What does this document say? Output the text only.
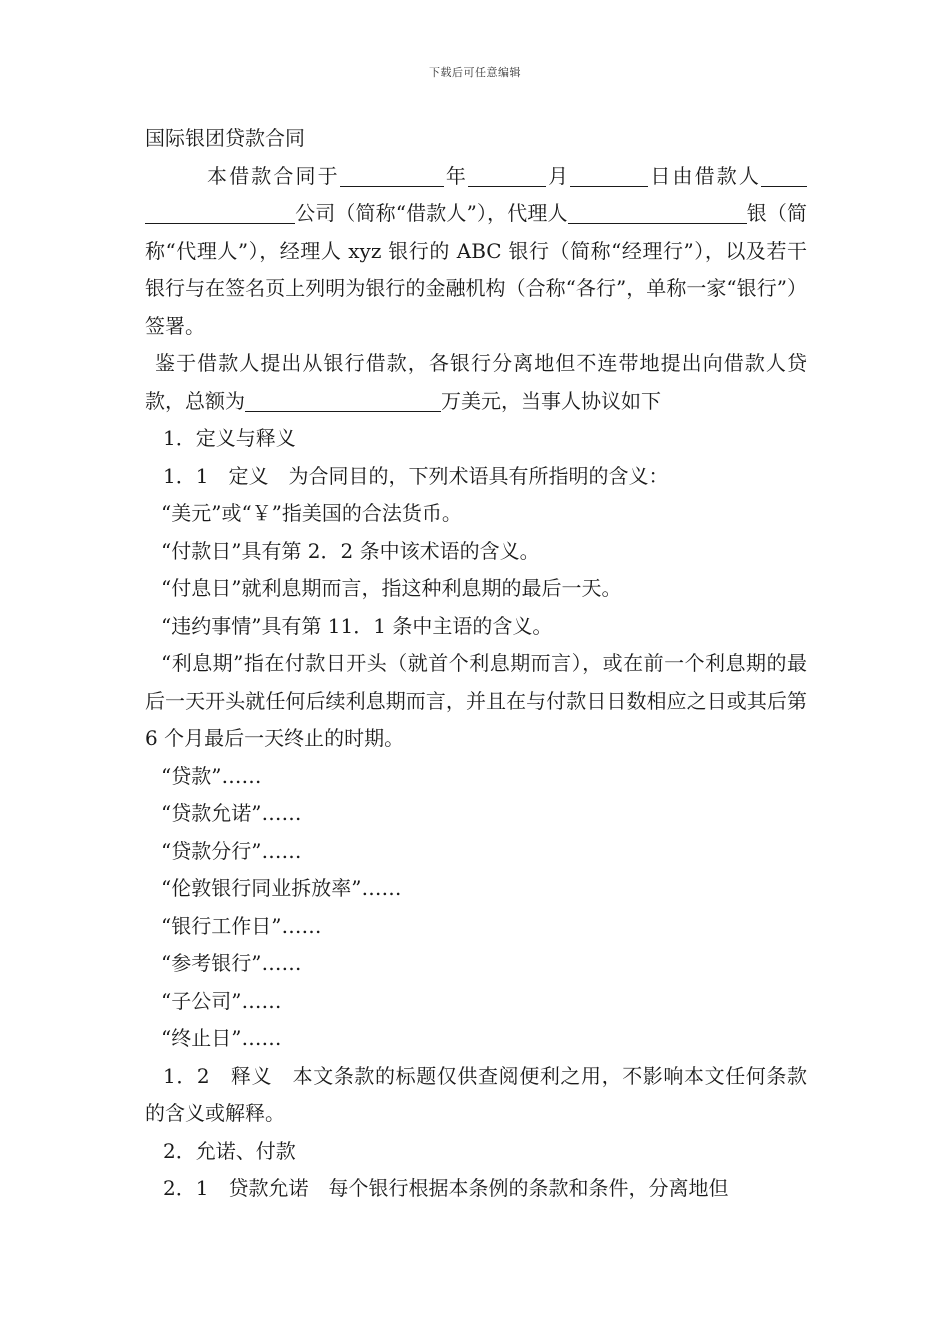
下载后可任意编辑

国际银团贷款合同

本借款合同于	年	月	日由借款人公司（简称“借款人”），代理人	银（简称“代理人”），经理人 xyz 银行的 ABC 银行（简称“经理行”），以及若干银行与在签名页上列明为银行的金融机构（合称“各行”，单称一家“银行”）签署。

鉴于借款人提出从银行借款，各银行分离地但不连带地提出向借款人贷款，总额为	万美元，当事人协议如下

1．定义与释义

1．1　定义　为合同目的，下列术语具有所指明的含义：

“美元”或“￥”指美国的合法货币。

“付款日”具有第 2．2 条中该术语的含义。

“付息日”就利息期而言，指这种利息期的最后一天。

“违约事情”具有第 11．1 条中主语的含义。

“利息期”指在付款日开头（就首个利息期而言），或在前一个利息期的最后一天开头就任何后续利息期而言，并且在与付款日日数相应之日或其后第 6 个月最后一天终止的时期。

“贷款”……

“贷款允诺”……

“贷款分行”……

“伦敦银行同业拆放率”……

“银行工作日”……

“参考银行”……

“子公司”……

“终止日”……

1．2　释义　本文条款的标题仅供查阅便利之用，不影响本文任何条款的含义或解释。

2．允诺、付款

2．1　贷款允诺　每个银行根据本条例的条款和条件，分离地但
